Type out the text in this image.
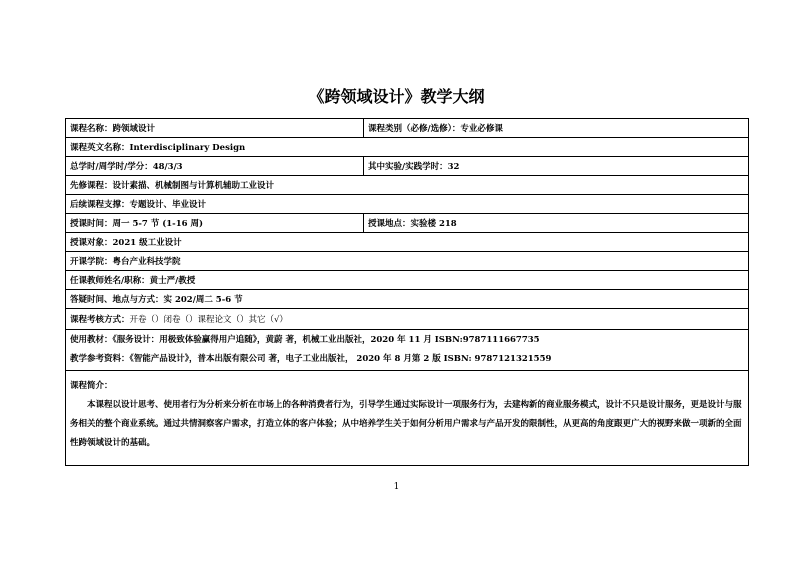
《跨领域设计》教学大纲
课程名称：跨领域设计	课程类别（必修/选修）：专业必修课
课程英文名称：Interdisciplinary Design	
总学时/周学时/学分：48/3/3	其中实验/实践学时：32
先修课程：设计素描、机械制图与计算机辅助工业设计	
后续课程支撑：专题设计、毕业设计	
授课时间：周一 5-7 节 (1-16 周)	授课地点：实验楼 218
授课对象：2021 级工业设计	
开课学院：粤台产业科技学院	
任课教师姓名/职称：黄士严/教授	
答疑时间、地点与方式：实 202/周二 5-6 节	
课程考核方式：开卷（）闭卷（）课程论文（）其它（√）	

使用教材：《服务设计：用极致体验赢得用户追随》，黄蔚 著，机械工业出版社，2020 年 11 月 ISBN:9787111667735
教学参考资料：《智能产品设计》，普本出版有限公司 著，电子工业出版社， 2020 年 8 月第 2 版 ISBN: 9787121321559	

课程简介：

本课程以设计思考、使用者行为分析来分析在市场上的各种消费者行为，引导学生通过实际设计一项服务行为，去建构新的商业服务模式，设计不只是设计服务，更是设计与服务相关的整个商业系统。通过共情洞察客户需求，打造立体的客户体验；从中培养学生关于如何分析用户需求与产品开发的限制性，从更高的角度跟更广大的视野来做一项新的全面性跨领域设计的基础。	

1
